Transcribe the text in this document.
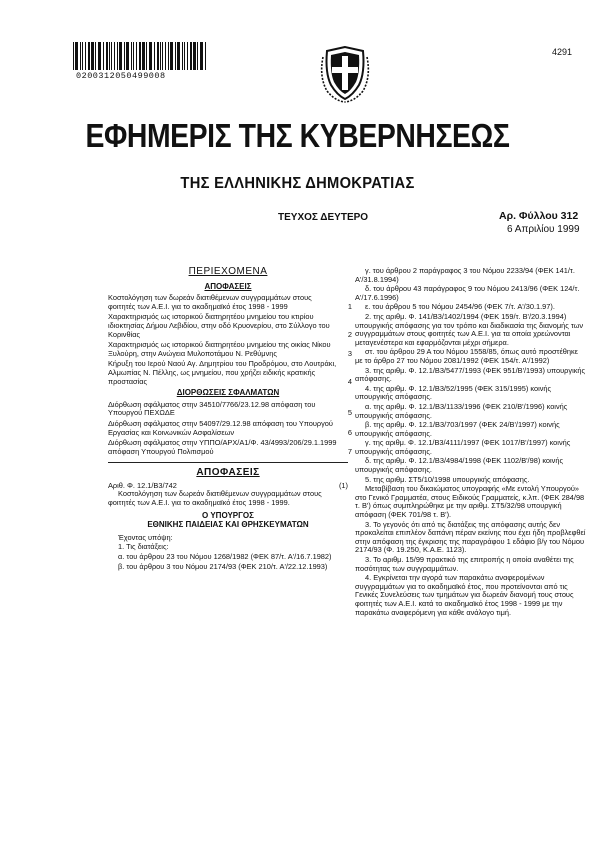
0200312050499008
4291
ΕΦΗΜΕΡΙΣ ΤΗΣ ΚΥΒΕΡΝΗΣΕΩΣ
ΤΗΣ ΕΛΛΗΝΙΚΗΣ ΔΗΜΟΚΡΑΤΙΑΣ
ΤΕΥΧΟΣ ΔΕΥΤΕΡΟ	Αρ. Φύλλου 312
6 Απριλίου 1999
ΠΕΡΙΕΧΟΜΕΝΑ
ΑΠΟΦΑΣΕΙΣ
Κοστολόγηση των δωρεάν διατιθέμενων συγγραμμάτων στους φοιτητές των Α.Ε.Ι. για το ακαδημαϊκό έτος 1998 - 1999	1
Χαρακτηρισμός ως ιστορικού διατηρητέου μνημείου του κτιρίου ιδιοκτησίας Δήμου Λεβιδίου, στην οδό Κρυονερίου, στο Σύλλογο του Κορινθίας	2
Χαρακτηρισμός ως ιστορικού διατηρητέου μνημείου της οικίας Νίκου Ξυλούρη, στην Ανώγεια Μυλοποτάμου Ν. Ρεθύμνης	3
Κήρυξη του Ιερού Ναού Αγ. Δημητρίου του Προδρόμου, στο Λουτράκι, Αλμωπίας Ν. Πέλλης, ως μνημείου, που χρήζει ειδικής κρατικής προστασίας	4
ΔΙΟΡΘΩΣΕΙΣ ΣΦΑΛΜΑΤΩΝ
Διόρθωση σφάλματος στην 34510/7766/23.12.98 απόφαση του Υπουργού ΠΕΧΩΔΕ	5
Διόρθωση σφάλματος στην 54097/29.12.98 απόφαση του Υπουργού Εργασίας και Κοινωνικών Ασφαλίσεων	6
Διόρθωση σφάλματος στην ΥΠΠΟ/ΑΡΧ/Α1/Φ. 43/4993/206/29.1.1999 απόφαση Υπουργού Πολιτισμού	7
ΑΠΟΦΑΣΕΙΣ
Αριθ. Φ. 12.1/Β3/742	(1)
Κοστολόγηση των δωρεάν διατιθέμενων συγγραμμάτων στους φοιτητές των Α.Ε.Ι. για το ακαδημαϊκό έτος 1998 - 1999.
Ο ΥΠΟΥΡΓΟΣ
ΕΘΝΙΚΗΣ ΠΑΙΔΕΙΑΣ ΚΑΙ ΘΡΗΣΚΕΥΜΑΤΩΝ
Έχοντας υπόψη:
1. Τις διατάξεις:
α. του άρθρου 23 του Νόμου 1268/1982 (ΦΕΚ 87/τ. Α'/16.7.1982)
β. του άρθρου 3 του Νόμου 2174/93 (ΦΕΚ 210/τ. Α'/22.12.1993)
γ. του άρθρου 2 παράγραφος 3 του Νόμου 2233/94 (ΦΕΚ 141/τ. Α'/31.8.1994)
δ. του άρθρου 43 παράγραφος 9 του Νόμου 2413/96 (ΦΕΚ 124/τ. Α'/17.6.1996)
ε. του άρθρου 5 του Νόμου 2454/96 (ΦΕΚ 7/τ. Α'/30.1.97).
2. της αριθμ. Φ. 141/Β3/1402/1994 (ΦΕΚ 159/τ. Β'/20.3.1994) υπουργικής απόφασης για τον τρόπο και διαδικασία της διανομής των συγγραμμάτων στους φοιτητές των Α.Ε.Ι. για τα οποία χρεώνονται μεταγενέστερα και εφαρμόζονται μέχρι σήμερα.
στ. του άρθρου 29 Α του Νόμου 1558/85, όπως αυτό προστέθηκε με το άρθρο 27 του Νόμου 2081/1992 (ΦΕΚ 154/τ. Α'/1992)
3. της αριθμ. Φ. 12.1/Β3/5477/1993 (ΦΕΚ 951/Β'/1993) υπουργικής απόφασης.
4. της αριθμ. Φ. 12.1/Β3/52/1995 (ΦΕΚ 315/1995) κοινής υπουργικής απόφασης.
α. της αριθμ. Φ. 12.1/Β3/1133/1996 (ΦΕΚ 210/Β'/1996) κοινής υπουργικής απόφασης.
β. της αριθμ. Φ. 12.1/Β3/703/1997 (ΦΕΚ 24/Β'/1997) κοινής υπουργικής απόφασης.
γ. της αριθμ. Φ. 12.1/Β3/4111/1997 (ΦΕΚ 1017/Β'/1997) κοινής υπουργικής απόφασης.
δ. της αριθμ. Φ. 12.1/Β3/4984/1998 (ΦΕΚ 1102/Β'/98) κοινής υπουργικής απόφασης.
5. της αριθμ. ΣΤ5/10/1998 υπουργικής απόφασης.
Μεταβίβαση του δικαιώματος υπογραφής «Με εντολή Υπουργού» στο Γενικό Γραμματέα, στους Ειδικούς Γραμματείς, κ.λπ. (ΦΕΚ 284/98 τ. Β') όπως συμπληρώθηκε με την αριθμ. ΣΤ5/32/98 υπουργική απόφαση (ΦΕΚ 701/98 τ. Β').
3. Το γεγονός ότι από τις διατάξεις της απόφασης αυτής δεν προκαλείται επιπλέον δαπάνη πέραν εκείνης που έχει ήδη προβλεφθεί στην απόφαση της έγκρισης της παραγράφου 1 εδάφιο β/γ του Νόμου 2174/93 (Φ. 19.250, Κ.Α.Ε. 1123).
3. Το αριθμ. 15/99 πρακτικό της επιτροπής η οποία αναθέτει της ποσότητας των συγγραμμάτων.
4. Εγκρίνεται την αγορά των παρακάτω αναφερομένων συγγραμμάτων για το ακαδημαϊκό έτος, που προτείνονται από τις Γενικές Συνελεύσεις των τμημάτων για δωρεάν διανομή τους στους φοιτητές των Α.Ε.Ι. κατά το ακαδημαϊκό έτος 1998 - 1999 με την παρακάτω αναφερόμενη για κάθε ανάλογο τιμή.
